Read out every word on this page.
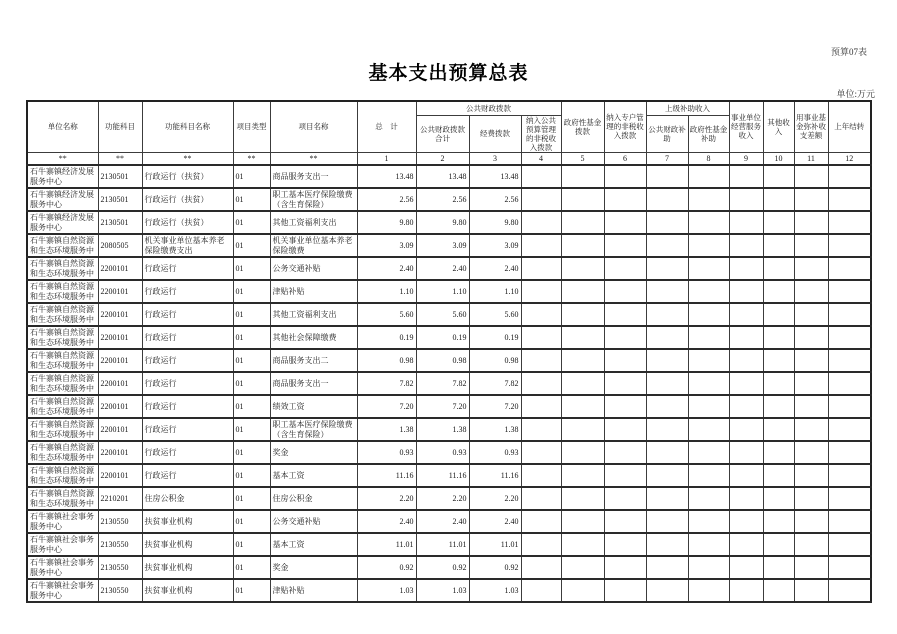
预算07表
基本支出预算总表
单位:万元
单位名称	功能科目	功能科目名称	项目类型	项目名称	总　计	公共财政拨款			政府性基金拨款	纳入专户管理的非税收入拨款	上级补助收入		事业单位经营服务收入	其他收入	用事业基金弥补收支差额	上年结转
						公共财政拨款合计	经费拨款	纳入公共预算管理的非税收入拨款			公共财政补助	政府性基金补助				
**	**	**	**	**	1	2	3	4	5	6	7	8	9	10	11	12
石牛寨镇经济发展服务中心	2130501	行政运行（扶贫）	01	商品服务支出一	13.48	13.48	13.48									
石牛寨镇经济发展服务中心	2130501	行政运行（扶贫）	01	职工基本医疗保险缴费（含生育保险）	2.56	2.56	2.56									
石牛寨镇经济发展服务中心	2130501	行政运行（扶贫）	01	其他工资福利支出	9.80	9.80	9.80									
石牛寨镇自然资源和生态环境服务中	2080505	机关事业单位基本养老保险缴费支出	01	机关事业单位基本养老保险缴费	3.09	3.09	3.09									
石牛寨镇自然资源和生态环境服务中	2200101	行政运行	01	公务交通补贴	2.40	2.40	2.40									
石牛寨镇自然资源和生态环境服务中	2200101	行政运行	01	津贴补贴	1.10	1.10	1.10									
石牛寨镇自然资源和生态环境服务中	2200101	行政运行	01	其他工资福利支出	5.60	5.60	5.60									
石牛寨镇自然资源和生态环境服务中	2200101	行政运行	01	其他社会保障缴费	0.19	0.19	0.19									
石牛寨镇自然资源和生态环境服务中	2200101	行政运行	01	商品服务支出二	0.98	0.98	0.98									
石牛寨镇自然资源和生态环境服务中	2200101	行政运行	01	商品服务支出一	7.82	7.82	7.82									
石牛寨镇自然资源和生态环境服务中	2200101	行政运行	01	绩效工资	7.20	7.20	7.20									
石牛寨镇自然资源和生态环境服务中	2200101	行政运行	01	职工基本医疗保险缴费（含生育保险）	1.38	1.38	1.38									
石牛寨镇自然资源和生态环境服务中	2200101	行政运行	01	奖金	0.93	0.93	0.93									
石牛寨镇自然资源和生态环境服务中	2200101	行政运行	01	基本工资	11.16	11.16	11.16									
石牛寨镇自然资源和生态环境服务中	2210201	住房公积金	01	住房公积金	2.20	2.20	2.20									
石牛寨镇社会事务服务中心	2130550	扶贫事业机构	01	公务交通补贴	2.40	2.40	2.40									
石牛寨镇社会事务服务中心	2130550	扶贫事业机构	01	基本工资	11.01	11.01	11.01									
石牛寨镇社会事务服务中心	2130550	扶贫事业机构	01	奖金	0.92	0.92	0.92									
石牛寨镇社会事务服务中心	2130550	扶贫事业机构	01	津贴补贴	1.03	1.03	1.03									
